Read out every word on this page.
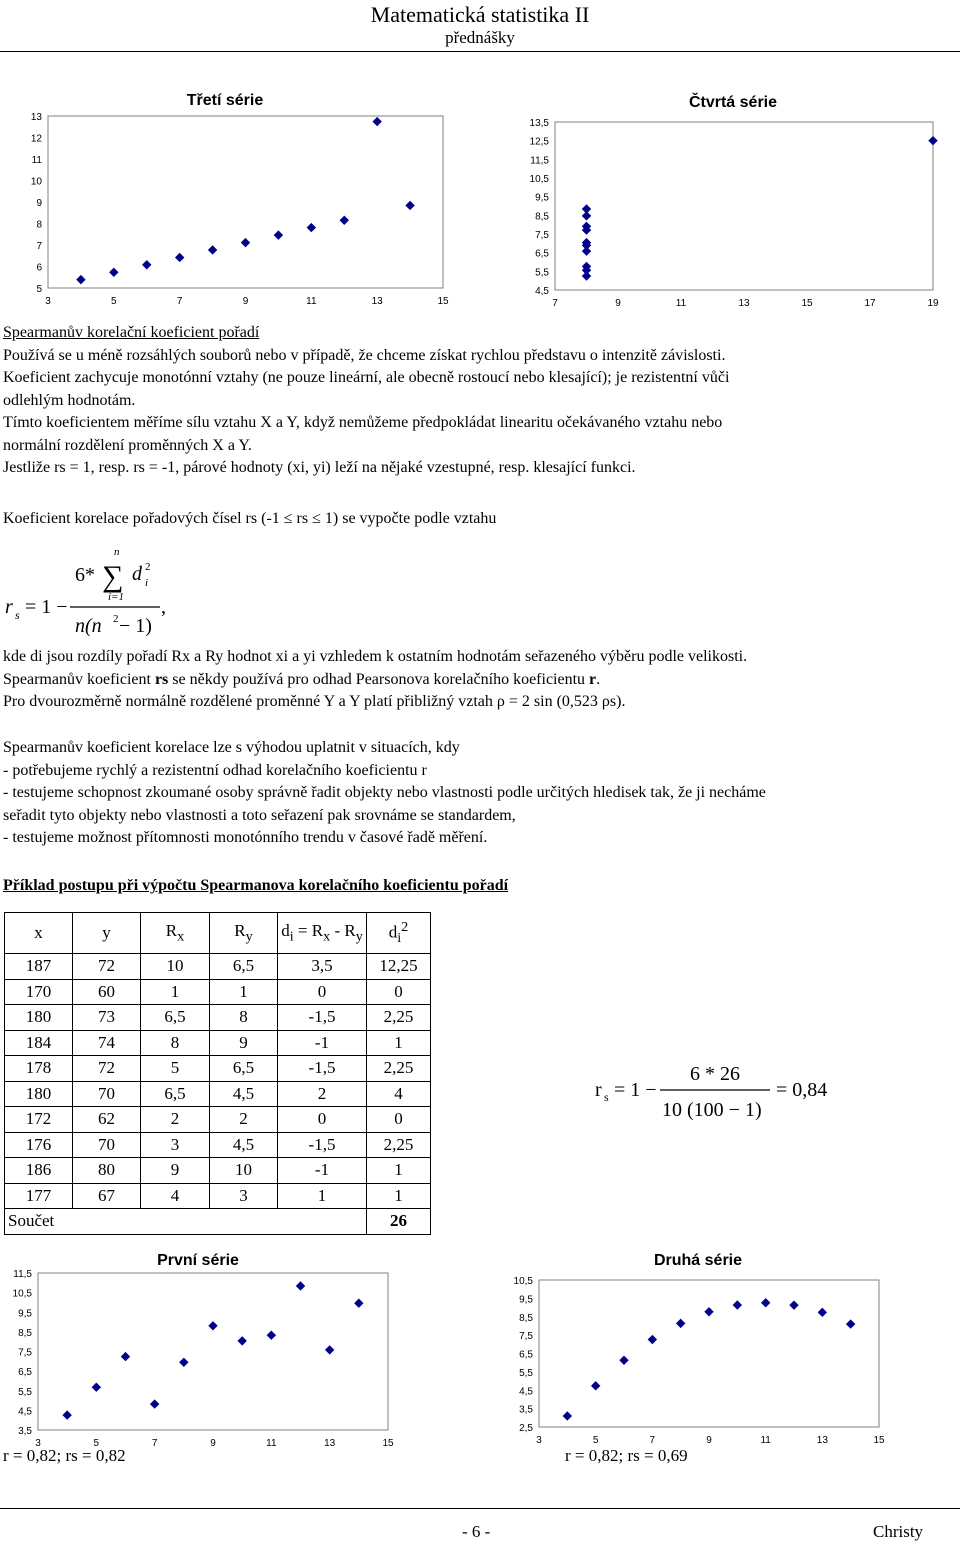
Matematická statistika II
přednášky
Třetí série
13
12
11
10
9
8
7
6
5
3	5	7	9	11	13	15
Čtvrtá série
13,5
12,5
11,5
10,5
9,5
8,5
7,5
6,5
5,5
4,5
7	9	11	13	15	17	19
Spearmanův korelační koeficient pořadí
Používá se u méně rozsáhlých souborů nebo v případě, že chceme získat rychlou představu o intenzitě závislosti.
Koeficient zachycuje monotónní vztahy (ne pouze lineární, ale obecně rostoucí nebo klesající); je rezistentní vůči
odlehlým hodnotám.
Tímto koeficientem měříme sílu vztahu X a Y, když nemůžeme předpokládat linearitu očekávaného vztahu nebo
normální rozdělení proměnných X a Y.
Jestliže rs = 1, resp. rs = -1, párové hodnoty (xi, yi) leží na nějaké vzestupné, resp. klesající funkci.
Koeficient korelace pořadových čísel rs (-1 ≤ rs ≤ 1) se vypočte podle vztahu
r s = 1 −
6*
n
∑
i=1
d i
2
n(n 2 − 1)
,
kde di jsou rozdíly pořadí Rx a Ry hodnot xi a yi vzhledem k ostatním hodnotám seřazeného výběru podle velikosti.
Spearmanův koeficient rs se někdy používá pro odhad Pearsonova korelačního koeficientu r.
Pro dvourozměrně normálně rozdělené proměnné Y a Y platí přibližný vztah ρ = 2 sin (0,523 ρs).
Spearmanův koeficient korelace lze s výhodou uplatnit v situacích, kdy
- potřebujeme rychlý a rezistentní odhad korelačního koeficientu r
- testujeme schopnost zkoumané osoby správně řadit objekty nebo vlastnosti podle určitých hledisek tak, že ji necháme
seřadit tyto objekty nebo vlastnosti a toto seřazení pak srovnáme se standardem,
- testujeme možnost přítomnosti monotónního trendu v časové řadě měření.
Příklad postupu při výpočtu Spearmanova korelačního koeficientu pořadí
x	y	$R_x$	$R_y$	$d_i = R_x - R_y$	$d_i^2$
187	72	10	6,5	3,5	12,25
170	60	1	1	0	0
180	73	6,5	8	-1,5	2,25
184	74	8	9	-1	1
178	72	5	6,5	-1,5	2,25
180	70	6,5	4,5	2	4
172	62	2	2	0	0
176	70	3	4,5	-1,5	2,25
186	80	9	10	-1	1
177	67	4	3	1	1
Součet					26
r s = 1 −
6 * 26
10 (100 − 1)
= 0,84
První série
11,5
10,5
9,5
8,5
7,5
6,5
5,5
4,5
3,5
3	5	7	9	11	13	15
Druhá série
10,5
9,5
8,5
7,5
6,5
5,5
4,5
3,5
2,5
3	5	7	9	11	13	15
r = 0,82; rs = 0,82	r = 0,82; rs = 0,69
- 6 -	Christy
